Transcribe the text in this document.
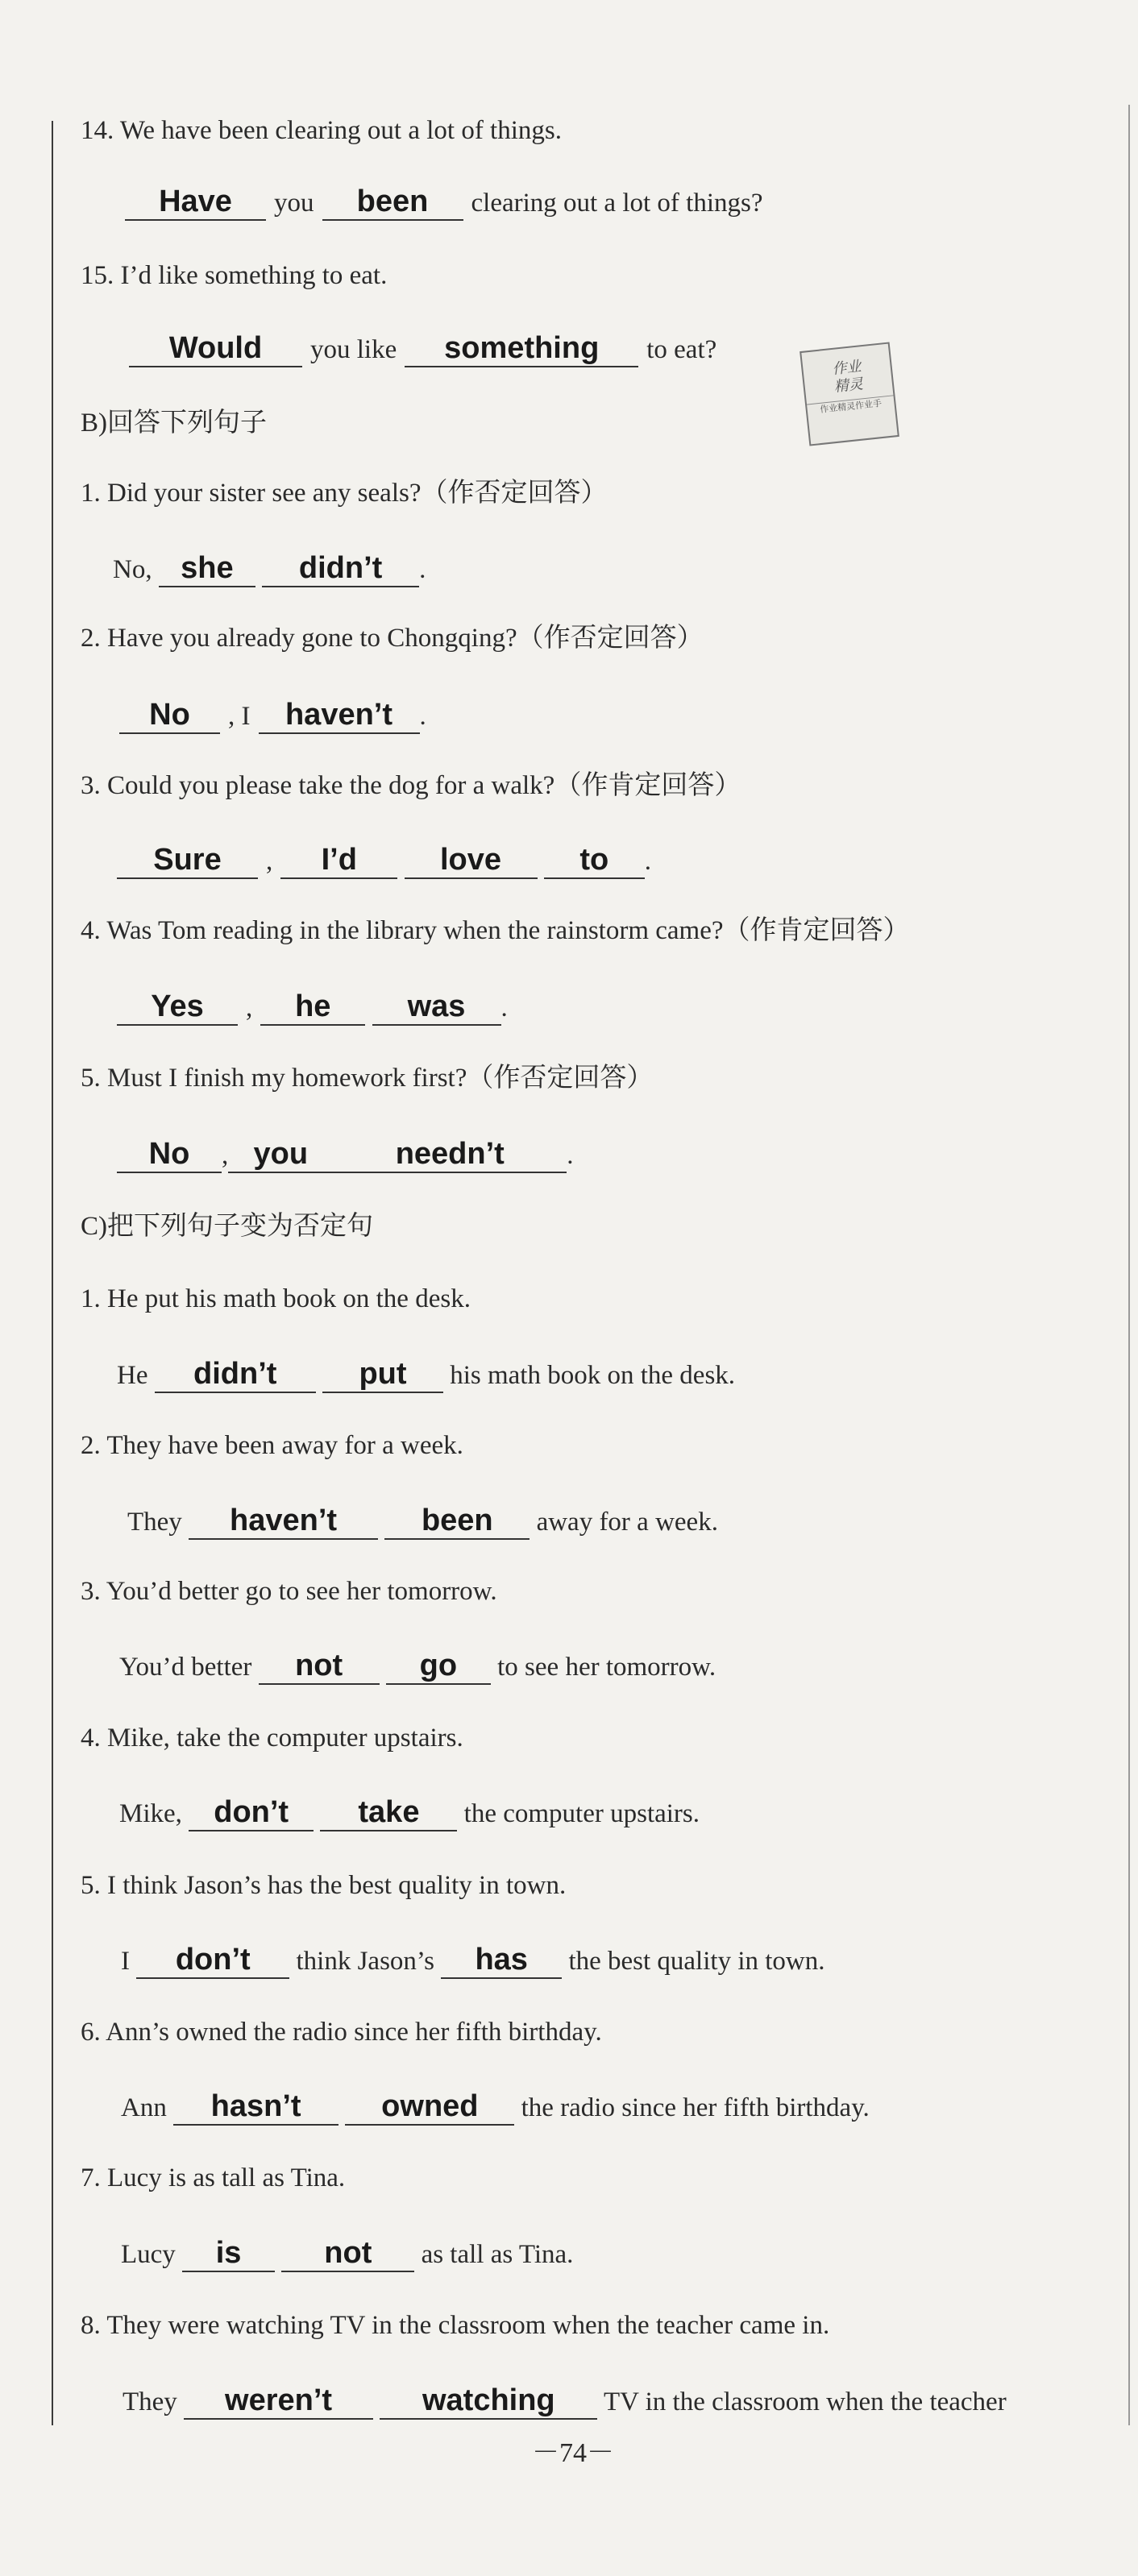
14. We have been clearing out a lot of things.
Have you been clearing out a lot of things?
15. I’d like something to eat.
Would you like something to eat?
作业
精灵
作业精灵作业手
B)回答下列句子
1. Did your sister see any seals?（作否定回答）
No, she didn’t .
2. Have you already gone to Chongqing?（作否定回答）
No , I haven’t .
3. Could you please take the dog for a walk?（作肯定回答）
Sure , I’d	love	to .
4. Was Tom reading in the library when the rainstorm came?（作肯定回答）
Yes , he	was .
5. Must I finish my homework first?（作否定回答）
No , you	needn’t .
C)把下列句子变为否定句
1. He put his math book on the desk.
He didn’t	put his math book on the desk.
2. They have been away for a week.
They haven’t	been away for a week.
3. You’d better go to see her tomorrow.
You’d better not	go to see her tomorrow.
4. Mike, take the computer upstairs.
Mike, don’t take the computer upstairs.
5. I think Jason’s has the best quality in town.
I don’t think Jason’s has the best quality in town.
6. Ann’s owned the radio since her fifth birthday.
Ann hasn’t	owned the radio since her fifth birthday.
7. Lucy is as tall as Tina.
Lucy is	not as tall as Tina.
8. They were watching TV in the classroom when the teacher came in.
They weren’t	watching TV in the classroom when the teacher
－74－
